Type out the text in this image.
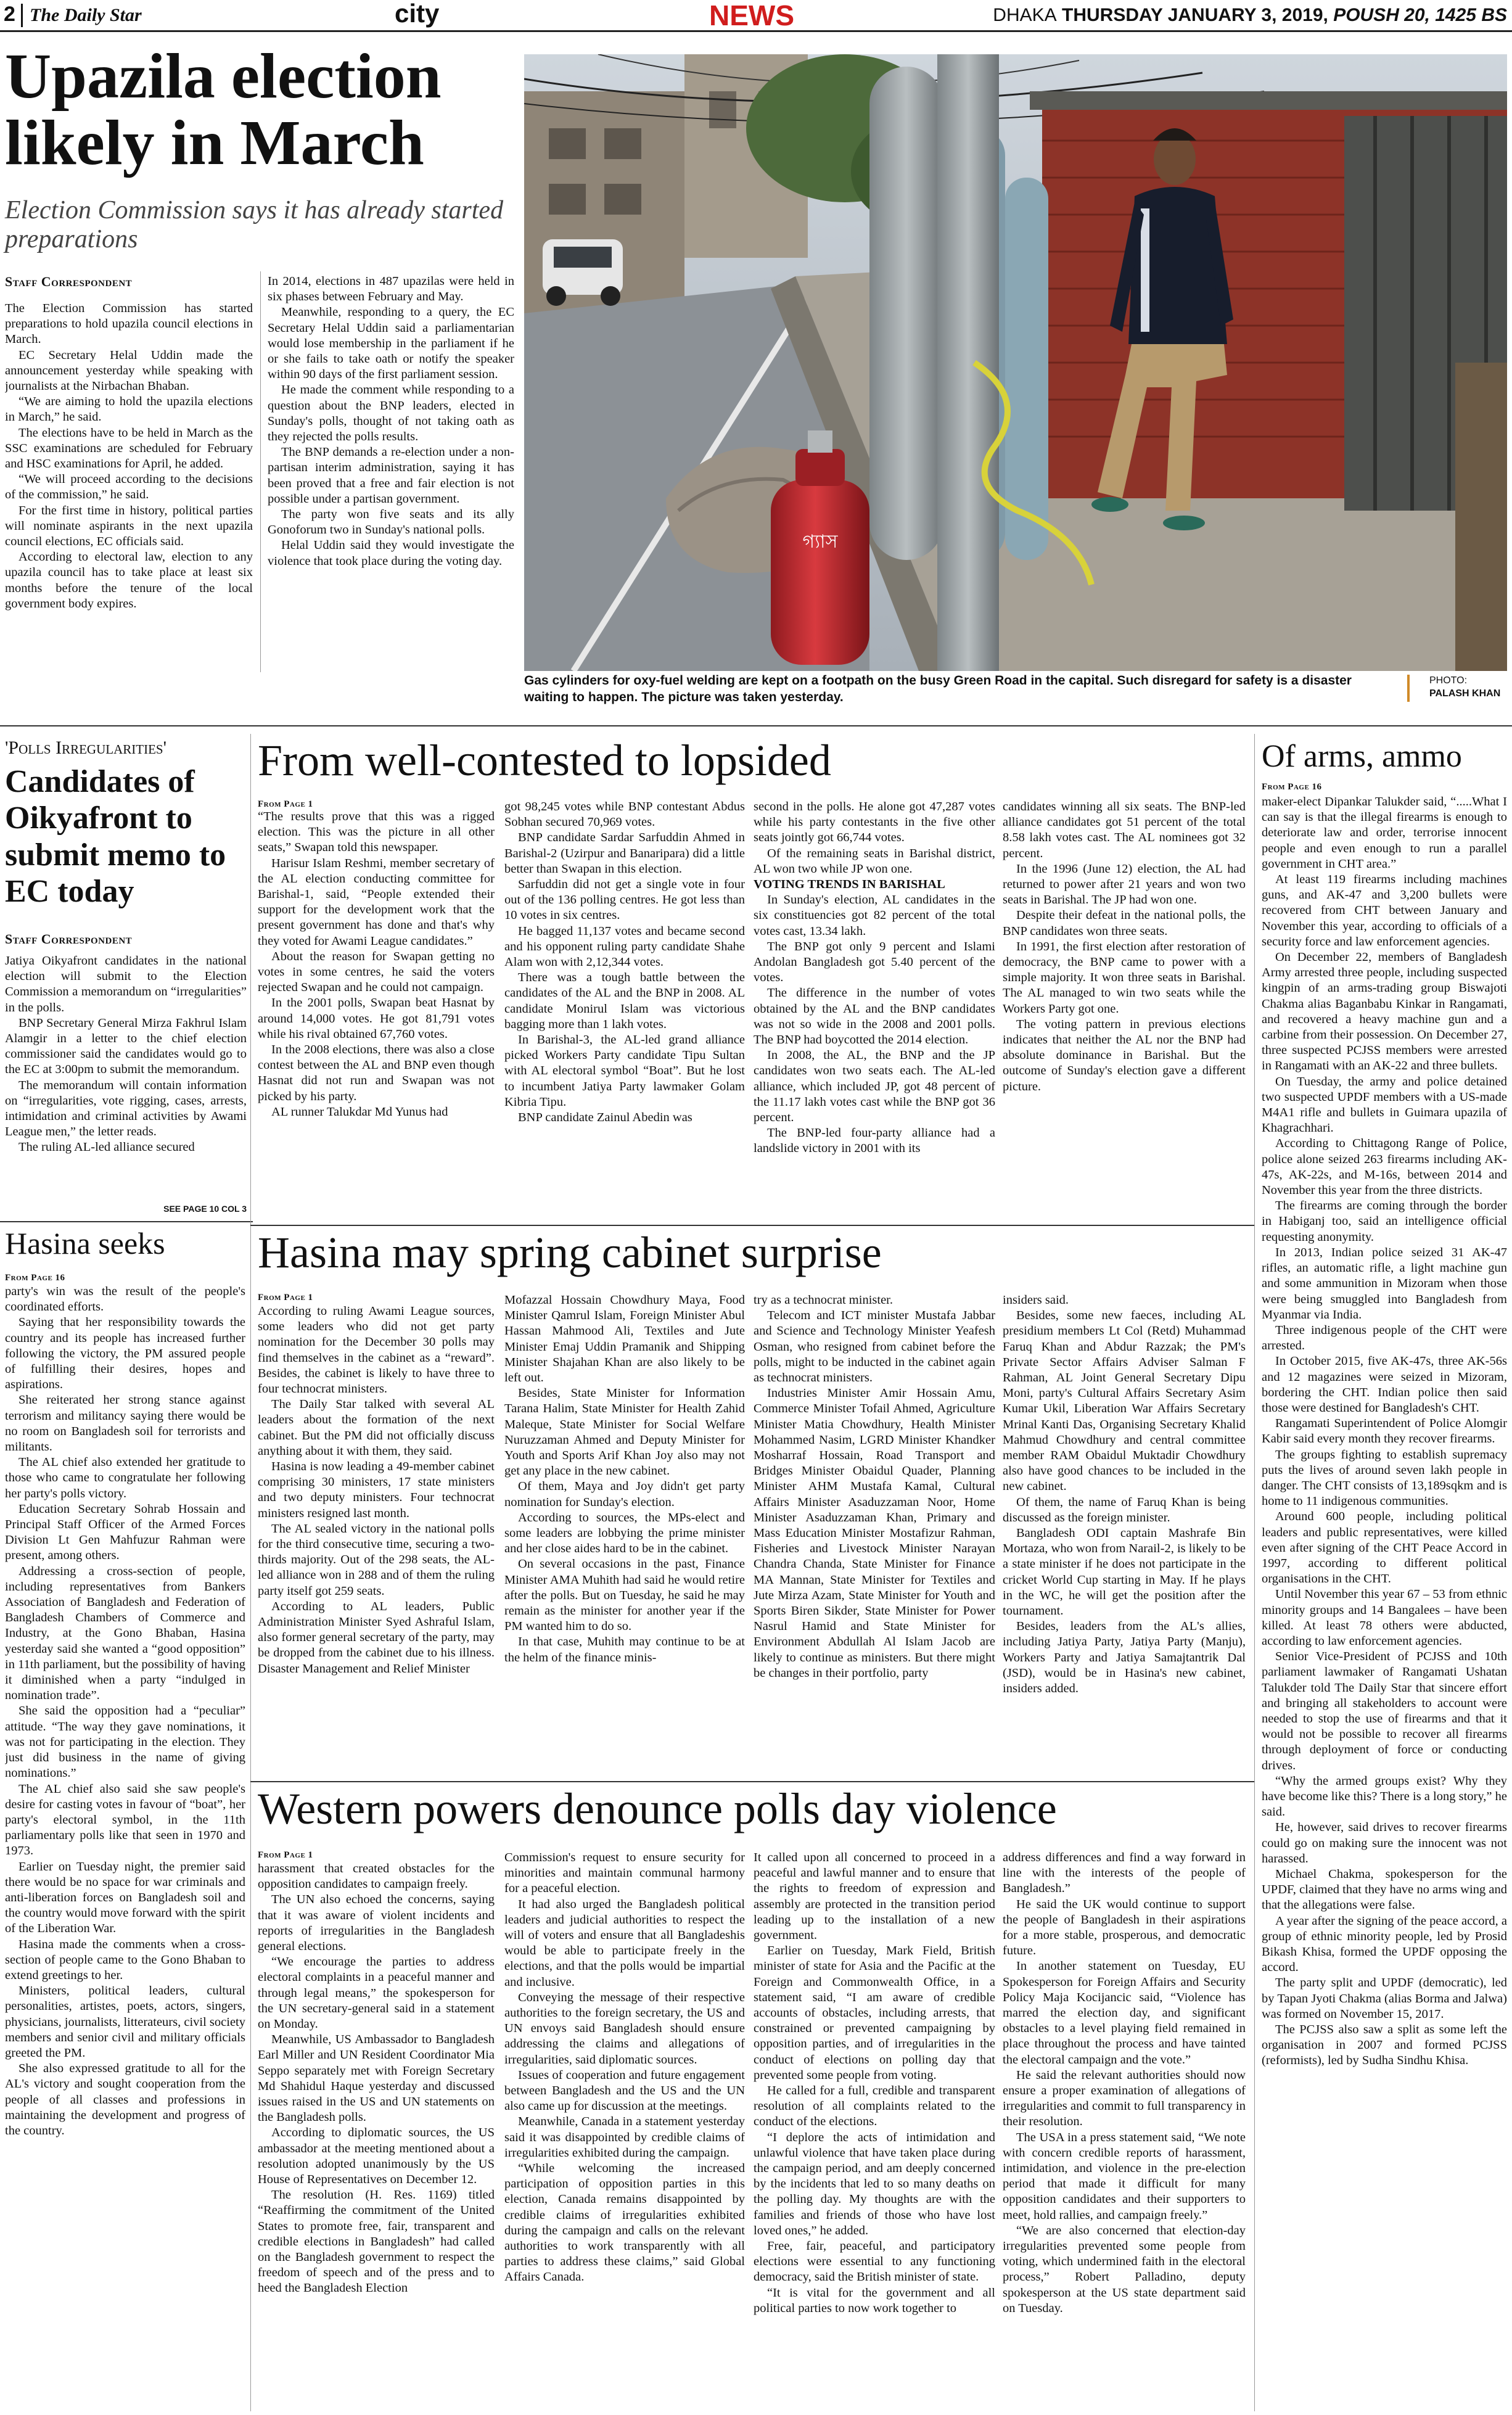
2 The Daily Star	city	NEWS	DHAKA THURSDAY JANUARY 3, 2019, POUSH 20, 1425 BS
Upazila election likely in March
Election Commission says it has already started preparations
Staff Correspondent

The Election Commission has started preparations to hold upazila council elections in March.

EC Secretary Helal Uddin made the announcement yesterday while speaking with journalists at the Nirbachan Bhaban.

“We are aiming to hold the upazila elections in March,” he said.

The elections have to be held in March as the SSC examinations are scheduled for February and HSC examinations for April, he added.

“We will proceed according to the decisions of the commission,” he said.

For the first time in history, political parties will nominate aspirants in the next upazila council elections, EC officials said.

According to electoral law, election to any upazila council has to take place at least six months before the tenure of the local government body expires.

In 2014, elections in 487 upazilas were held in six phases between February and May.

Meanwhile, responding to a query, the EC Secretary Helal Uddin said a parliamentarian would lose membership in the parliament if he or she fails to take oath or notify the speaker within 90 days of the first parliament session.

He made the comment while responding to a question about the BNP leaders, elected in Sunday's polls, thought of not taking oath as they rejected the polls results.

The BNP demands a re-election under a non-partisan interim administration, saying it has been proved that a free and fair election is not possible under a partisan government.

The party won five seats and its ally Gonoforum two in Sunday's national polls.

Helal Uddin said they would investigate the violence that took place during the voting day.

গ্যাস
Gas cylinders for oxy-fuel welding are kept on a footpath on the busy Green Road in the capital. Such disregard for safety is a disaster waiting to happen. The picture was taken yesterday.
PHOTO:
PALASH KHAN
'Polls Irregularities'
Candidates of Oikyafront to submit memo to EC today
Staff Correspondent

Jatiya Oikyafront candidates in the national election will submit to the Election Commission a memorandum on “irregularities” in the polls.

BNP Secretary General Mirza Fakhrul Islam Alamgir in a letter to the chief election commissioner said the candidates would go to the EC at 3:00pm to submit the memorandum.

The memorandum will contain information on “irregularities, vote rigging, cases, arrests, intimidation and criminal activities by Awami League men,” the letter reads.

The ruling AL-led alliance secured

SEE PAGE 10 COL 3
From well-contested to lopsided
From Page 1

“The results prove that this was a rigged election. This was the picture in all other seats,” Swapan told this newspaper.

Harisur Islam Reshmi, member secretary of the AL election conducting committee for Barishal-1, said, “People extended their support for the development work that the present government has done and that's why they voted for Awami League candidates.”

About the reason for Swapan getting no votes in some centres, he said the voters rejected Swapan and he could not campaign.

In the 2001 polls, Swapan beat Hasnat by around 14,000 votes. He got 81,791 votes while his rival obtained 67,760 votes.

In the 2008 elections, there was also a close contest between the AL and BNP even though Hasnat did not run and Swapan was not picked by his party.

AL runner Talukdar Md Yunus had

got 98,245 votes while BNP contestant Abdus Sobhan secured 70,969 votes.

BNP candidate Sardar Sarfuddin Ahmed in Barishal-2 (Uzirpur and Banaripara) did a little better than Swapan in this election.

Sarfuddin did not get a single vote in four out of the 136 polling centres. He got less than 10 votes in six centres.

He bagged 11,137 votes and became second and his opponent ruling party candidate Shahe Alam won with 2,12,344 votes.

There was a tough battle between the candidates of the AL and the BNP in 2008. AL candidate Monirul Islam was victorious bagging more than 1 lakh votes.

In Barishal-3, the AL-led grand alliance picked Workers Party candidate Tipu Sultan with AL electoral symbol “Boat”. But he lost to incumbent Jatiya Party lawmaker Golam Kibria Tipu.

BNP candidate Zainul Abedin was

second in the polls. He alone got 47,287 votes while his party contestants in the five other seats jointly got 66,744 votes.

Of the remaining seats in Barishal district, AL won two while JP won one.

VOTING TRENDS IN BARISHAL

In Sunday's election, AL candidates in the six constituencies got 82 percent of the total votes cast, 13.34 lakh.

The BNP got only 9 percent and Islami Andolan Bangladesh got 5.40 percent of the votes.

The difference in the number of votes obtained by the AL and the BNP candidates was not so wide in the 2008 and 2001 polls. The BNP had boycotted the 2014 election.

In 2008, the AL, the BNP and the JP candidates won two seats each. The AL-led alliance, which included JP, got 48 percent of the 11.17 lakh votes cast while the BNP got 36 percent.

The BNP-led four-party alliance had a landslide victory in 2001 with its

candidates winning all six seats. The BNP-led alliance candidates got 51 percent of the total 8.58 lakh votes cast. The AL nominees got 32 percent.

In the 1996 (June 12) election, the AL had returned to power after 21 years and won two seats in Barishal. The JP had won one.

Despite their defeat in the national polls, the BNP candidates won three seats.

In 1991, the first election after restoration of democracy, the BNP came to power with a simple majority. It won three seats in Barishal. The AL managed to win two seats while the Workers Party got one.

The voting pattern in previous elections indicates that neither the AL nor the BNP had absolute dominance in Barishal. But the outcome of Sunday's election gave a different picture.

Of arms, ammo
From Page 16

maker-elect Dipankar Talukder said, “.....What I can say is that the illegal firearms is enough to deteriorate law and order, terrorise innocent people and even enough to run a parallel government in CHT area.”

At least 119 firearms including machines guns, and AK-47 and 3,200 bullets were recovered from CHT between January and November this year, according to officials of a security force and law enforcement agencies.

On December 22, members of Bangladesh Army arrested three people, including suspected kingpin of an arms-trading group Biswajoti Chakma alias Baganbabu Kinkar in Rangamati, and recovered a heavy machine gun and a carbine from their possession. On December 27, three suspected PCJSS members were arrested in Rangamati with an AK-22 and three bullets.

On Tuesday, the army and police detained two suspected UPDF members with a US-made M4A1 rifle and bullets in Guimara upazila of Khagrachhari.

According to Chittagong Range of Police, police alone seized 263 firearms including AK-47s, AK-22s, and M-16s, between 2014 and November this year from the three districts.

The firearms are coming through the border in Habiganj too, said an intelligence official requesting anonymity.

In 2013, Indian police seized 31 AK-47 rifles, an automatic rifle, a light machine gun and some ammunition in Mizoram when those were being smuggled into Bangladesh from Myanmar via India.

Three indigenous people of the CHT were arrested.

In October 2015, five AK-47s, three AK-56s and 12 magazines were seized in Mizoram, bordering the CHT. Indian police then said those were destined for Bangladesh's CHT.

Rangamati Superintendent of Police Alomgir Kabir said every month they recover firearms.

The groups fighting to establish supremacy puts the lives of around seven lakh people in danger. The CHT consists of 13,189sqkm and is home to 11 indigenous communities.

Around 600 people, including political leaders and public representatives, were killed even after signing of the CHT Peace Accord in 1997, according to different political organisations in the CHT.

Until November this year 67 – 53 from ethnic minority groups and 14 Bangalees – have been killed. At least 78 others were abducted, according to law enforcement agencies.

Senior Vice-President of PCJSS and 10th parliament lawmaker of Rangamati Ushatan Talukder told The Daily Star that sincere effort and bringing all stakeholders to account were needed to stop the use of firearms and that it would not be possible to recover all firearms through deployment of force or conducting drives.

“Why the armed groups exist? Why they have become like this? There is a long story,” he said.

He, however, said drives to recover firearms could go on making sure the innocent was not harassed.

Michael Chakma, spokesperson for the UPDF, claimed that they have no arms wing and that the allegations were false.

A year after the signing of the peace accord, a group of ethnic minority people, led by Prosid Bikash Khisa, formed the UPDF opposing the accord.

The party split and UPDF (democratic), led by Tapan Jyoti Chakma (alias Borma and Jalwa) was formed on November 15, 2017.

The PCJSS also saw a split as some left the organisation in 2007 and formed PCJSS (reformists), led by Sudha Sindhu Khisa.

Hasina seeks
From Page 16

party's win was the result of the people's coordinated efforts.

Saying that her responsibility towards the country and its people has increased further following the victory, the PM assured people of fulfilling their desires, hopes and aspirations.

She reiterated her strong stance against terrorism and militancy saying there would be no room on Bangladesh soil for terrorists and militants.

The AL chief also extended her gratitude to those who came to congratulate her following her party's polls victory.

Education Secretary Sohrab Hossain and Principal Staff Officer of the Armed Forces Division Lt Gen Mahfuzur Rahman were present, among others.

Addressing a cross-section of people, including representatives from Bankers Association of Bangladesh and Federation of Bangladesh Chambers of Commerce and Industry, at the Gono Bhaban, Hasina yesterday said she wanted a “good opposition” in 11th parliament, but the possibility of having it diminished when a party “indulged in nomination trade”.

She said the opposition had a “peculiar” attitude. “The way they gave nominations, it was not for participating in the election. They just did business in the name of giving nominations.”

The AL chief also said she saw people's desire for casting votes in favour of “boat”, her party's electoral symbol, in the 11th parliamentary polls like that seen in 1970 and 1973.

Earlier on Tuesday night, the premier said there would be no space for war criminals and anti-liberation forces on Bangladesh soil and the country would move forward with the spirit of the Liberation War.

Hasina made the comments when a cross-section of people came to the Gono Bhaban to extend greetings to her.

Ministers, political leaders, cultural personalities, artistes, poets, actors, singers, physicians, journalists, litterateurs, civil society members and senior civil and military officials greeted the PM.

She also expressed gratitude to all for the AL's victory and sought cooperation from the people of all classes and professions in maintaining the development and progress of the country.

Hasina may spring cabinet surprise
From Page 1

According to ruling Awami League sources, some leaders who did not get party nomination for the December 30 polls may find themselves in the cabinet as a “reward”. Besides, the cabinet is likely to have three to four technocrat ministers.

The Daily Star talked with several AL leaders about the formation of the next cabinet. But the PM did not officially discuss anything about it with them, they said.

Hasina is now leading a 49-member cabinet comprising 30 ministers, 17 state ministers and two deputy ministers. Four technocrat ministers resigned last month.

The AL sealed victory in the national polls for the third consecutive time, securing a two-thirds majority. Out of the 298 seats, the AL-led alliance won in 288 and of them the ruling party itself got 259 seats.

According to AL leaders, Public Administration Minister Syed Ashraful Islam, also former general secretary of the party, may be dropped from the cabinet due to his illness. Disaster Management and Relief Minister

Mofazzal Hossain Chowdhury Maya, Food Minister Qamrul Islam, Foreign Minister Abul Hassan Mahmood Ali, Textiles and Jute Minister Emaj Uddin Pramanik and Shipping Minister Shajahan Khan are also likely to be left out.

Besides, State Minister for Information Tarana Halim, State Minister for Health Zahid Maleque, State Minister for Social Welfare Nuruzzaman Ahmed and Deputy Minister for Youth and Sports Arif Khan Joy also may not get any place in the new cabinet.

Of them, Maya and Joy didn't get party nomination for Sunday's election.

According to sources, the MPs-elect and some leaders are lobbying the prime minister and her close aides hard to be in the cabinet.

On several occasions in the past, Finance Minister AMA Muhith had said he would retire after the polls. But on Tuesday, he said he may remain as the minister for another year if the PM wanted him to do so.

In that case, Muhith may continue to be at the helm of the finance minis-

try as a technocrat minister.

Telecom and ICT minister Mustafa Jabbar and Science and Technology Minister Yeafesh Osman, who resigned from cabinet before the polls, might to be inducted in the cabinet again as technocrat ministers.

Industries Minister Amir Hossain Amu, Commerce Minister Tofail Ahmed, Agriculture Minister Matia Chowdhury, Health Minister Mohammed Nasim, LGRD Minister Khandker Mosharraf Hossain, Road Transport and Bridges Minister Obaidul Quader, Planning Minister AHM Mustafa Kamal, Cultural Affairs Minister Asaduzzaman Noor, Home Minister Asaduzzaman Khan, Primary and Mass Education Minister Mostafizur Rahman, Fisheries and Livestock Minister Narayan Chandra Chanda, State Minister for Finance MA Mannan, State Minister for Textiles and Jute Mirza Azam, State Minister for Youth and Sports Biren Sikder, State Minister for Power Nasrul Hamid and State Minister for Environment Abdullah Al Islam Jacob are likely to continue as ministers. But there might be changes in their portfolio, party

insiders said.

Besides, some new faeces, including AL presidium members Lt Col (Retd) Muhammad Faruq Khan and Abdur Razzak; the PM's Private Sector Affairs Adviser Salman F Rahman, AL Joint General Secretary Dipu Moni, party's Cultural Affairs Secretary Asim Kumar Ukil, Liberation War Affairs Secretary Mrinal Kanti Das, Organising Secretary Khalid Mahmud Chowdhury and central committee member RAM Obaidul Muktadir Chowdhury also have good chances to be included in the new cabinet.

Of them, the name of Faruq Khan is being discussed as the foreign minister.

Bangladesh ODI captain Mashrafe Bin Mortaza, who won from Narail-2, is likely to be a state minister if he does not participate in the cricket World Cup starting in May. If he plays in the WC, he will get the position after the tournament.

Besides, leaders from the AL's allies, including Jatiya Party, Jatiya Party (Manju), Workers Party and Jatiya Samajtantrik Dal (JSD), would be in Hasina's new cabinet, insiders added.

Western powers denounce polls day violence
From Page 1

harassment that created obstacles for the opposition candidates to campaign freely.

The UN also echoed the concerns, saying that it was aware of violent incidents and reports of irregularities in the Bangladesh general elections.

“We encourage the parties to address electoral complaints in a peaceful manner and through legal means,” the spokesperson for the UN secretary-general said in a statement on Monday.

Meanwhile, US Ambassador to Bangladesh Earl Miller and UN Resident Coordinator Mia Seppo separately met with Foreign Secretary Md Shahidul Haque yesterday and discussed issues raised in the US and UN statements on the Bangladesh polls.

According to diplomatic sources, the US ambassador at the meeting mentioned about a resolution adopted unanimously by the US House of Representatives on December 12.

The resolution (H. Res. 1169) titled “Reaffirming the commitment of the United States to promote free, fair, transparent and credible elections in Bangladesh” had called on the Bangladesh government to respect the freedom of speech and of the press and to heed the Bangladesh Election

Commission's request to ensure security for minorities and maintain communal harmony for a peaceful election.

It had also urged the Bangladesh political leaders and judicial authorities to respect the will of voters and ensure that all Bangladeshis would be able to participate freely in the elections, and that the polls would be impartial and inclusive.

Conveying the message of their respective authorities to the foreign secretary, the US and UN envoys said Bangladesh should ensure addressing the claims and allegations of irregularities, said diplomatic sources.

Issues of cooperation and future engagement between Bangladesh and the US and the UN also came up for discussion at the meetings.

Meanwhile, Canada in a statement yesterday said it was disappointed by credible claims of irregularities exhibited during the campaign.

“While welcoming the increased participation of opposition parties in this election, Canada remains disappointed by credible claims of irregularities exhibited during the campaign and calls on the relevant authorities to work transparently with all parties to address these claims,” said Global Affairs Canada.

It called upon all concerned to proceed in a peaceful and lawful manner and to ensure that the rights to freedom of expression and assembly are protected in the transition period leading up to the installation of a new government.

Earlier on Tuesday, Mark Field, British minister of state for Asia and the Pacific at the Foreign and Commonwealth Office, in a statement said, “I am aware of credible accounts of obstacles, including arrests, that constrained or prevented campaigning by opposition parties, and of irregularities in the conduct of elections on polling day that prevented some people from voting.

He called for a full, credible and transparent resolution of all complaints related to the conduct of the elections.

“I deplore the acts of intimidation and unlawful violence that have taken place during the campaign period, and am deeply concerned by the incidents that led to so many deaths on the polling day. My thoughts are with the families and friends of those who have lost loved ones,” he added.

Free, fair, peaceful, and participatory elections were essential to any functioning democracy, said the British minister of state.

“It is vital for the government and all political parties to now work together to

address differences and find a way forward in line with the interests of the people of Bangladesh.”

He said the UK would continue to support the people of Bangladesh in their aspirations for a more stable, prosperous, and democratic future.

In another statement on Tuesday, EU Spokesperson for Foreign Affairs and Security Policy Maja Kocijancic said, “Violence has marred the election day, and significant obstacles to a level playing field remained in place throughout the process and have tainted the electoral campaign and the vote.”

He said the relevant authorities should now ensure a proper examination of allegations of irregularities and commit to full transparency in their resolution.

The USA in a press statement said, “We note with concern credible reports of harassment, intimidation, and violence in the pre-election period that made it difficult for many opposition candidates and their supporters to meet, hold rallies, and campaign freely.”

“We are also concerned that election-day irregularities prevented some people from voting, which undermined faith in the electoral process,” Robert Palladino, deputy spokesperson at the US state department said on Tuesday.
